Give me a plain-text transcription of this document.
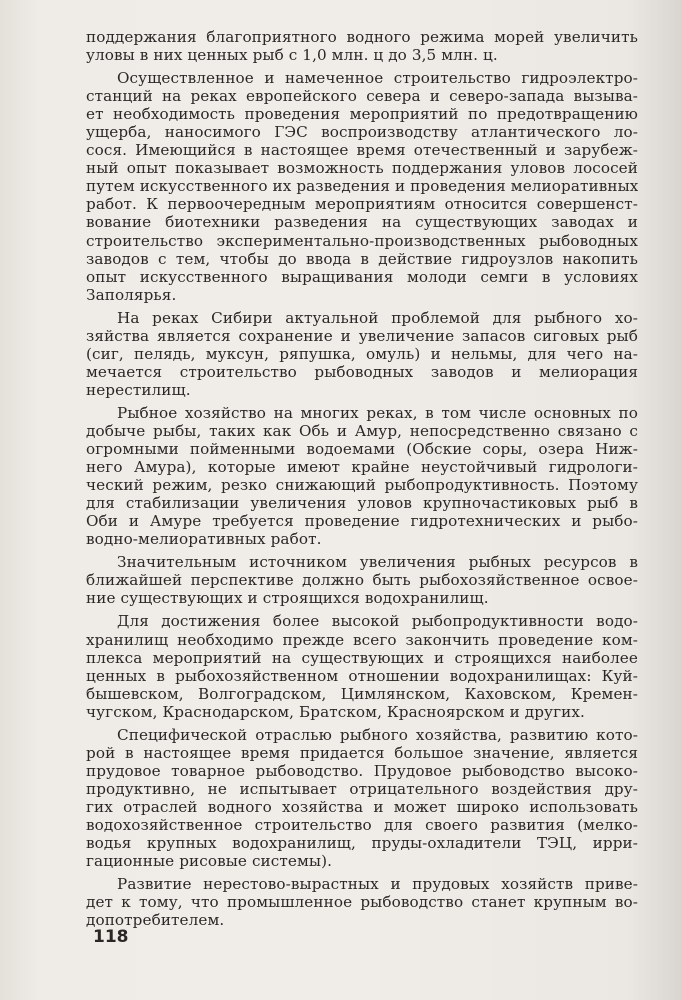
поддержания благоприятного водного режима морей увеличить
уловы в них ценных рыб с 1,0 млн. ц до 3,5 млн. ц.
Осуществленное и намеченное строительство гидроэлектро-
станций на реках европейского севера и северо-запада вызыва-
ет необходимость проведения мероприятий по предотвращению
ущерба, наносимого ГЭС воспроизводству атлантического ло-
сося. Имеющийся в настоящее время отечественный и зарубеж-
ный опыт показывает возможность поддержания уловов лососей
путем искусственного их разведения и проведения мелиоративных
работ. К первоочередным мероприятиям относится совершенст-
вование биотехники разведения на существующих заводах и
строительство экспериментально-производственных рыбоводных
заводов с тем, чтобы до ввода в действие гидроузлов накопить
опыт искусственного выращивания молоди семги в условиях
Заполярья.
На реках Сибири актуальной проблемой для рыбного хо-
зяйства является сохранение и увеличение запасов сиговых рыб
(сиг, пелядь, муксун, ряпушка, омуль) и нельмы, для чего на-
мечается строительство рыбоводных заводов и мелиорация
нерестилищ.
Рыбное хозяйство на многих реках, в том числе основных по
добыче рыбы, таких как Обь и Амур, непосредственно связано с
огромными пойменными водоемами (Обские соры, озера Ниж-
него Амура), которые имеют крайне неустойчивый гидрологи-
ческий режим, резко снижающий рыбопродуктивность. Поэтому
для стабилизации увеличения уловов крупночастиковых рыб в
Оби и Амуре требуется проведение гидротехнических и рыбо-
водно-мелиоративных работ.
Значительным источником увеличения рыбных ресурсов в
ближайшей перспективе должно быть рыбохозяйственное освое-
ние существующих и строящихся водохранилищ.
Для достижения более высокой рыбопродуктивности водо-
хранилищ необходимо прежде всего закончить проведение ком-
плекса мероприятий на существующих и строящихся наиболее
ценных в рыбохозяйственном отношении водохранилищах: Куй-
бышевском, Волгоградском, Цимлянском, Каховском, Кремен-
чугском, Краснодарском, Братском, Красноярском и других.
Специфической отраслью рыбного хозяйства, развитию кото-
рой в настоящее время придается большое значение, является
прудовое товарное рыбоводство. Прудовое рыбоводство высоко-
продуктивно, не испытывает отрицательного воздействия дру-
гих отраслей водного хозяйства и может широко использовать
водохозяйственное строительство для своего развития (мелко-
водья крупных водохранилищ, пруды-охладители ТЭЦ, ирри-
гационные рисовые системы).
Развитие нерестово-вырастных и прудовых хозяйств приве-
дет к тому, что промышленное рыбоводство станет крупным во-
допотребителем.
118
